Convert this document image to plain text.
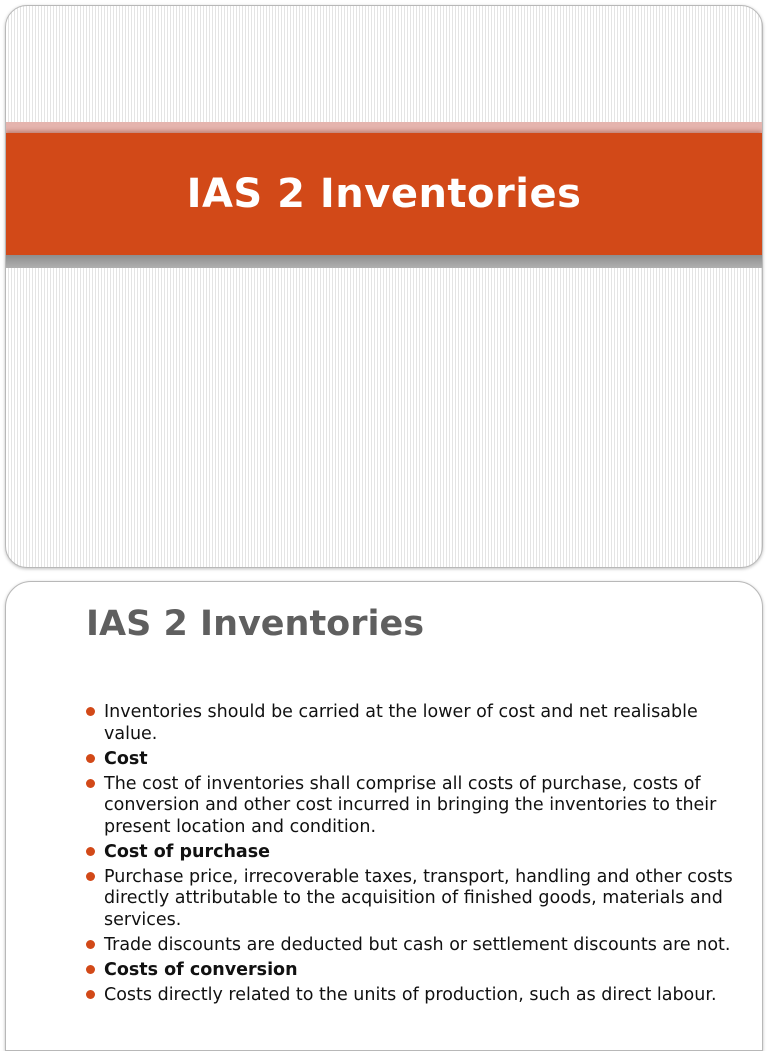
IAS 2 Inventories
IAS 2 Inventories
Inventories should be carried at the lower of cost and net realisable value.
Cost
The cost of inventories shall comprise all costs of purchase, costs of conversion and other cost incurred in bringing the inventories to their present location and condition.
Cost of purchase
Purchase price, irrecoverable taxes, transport, handling and other costs directly attributable to the acquisition of finished goods, materials and services.
Trade discounts are deducted but cash or settlement discounts are not.
Costs of conversion
Costs directly related to the units of production, such as direct labour.
